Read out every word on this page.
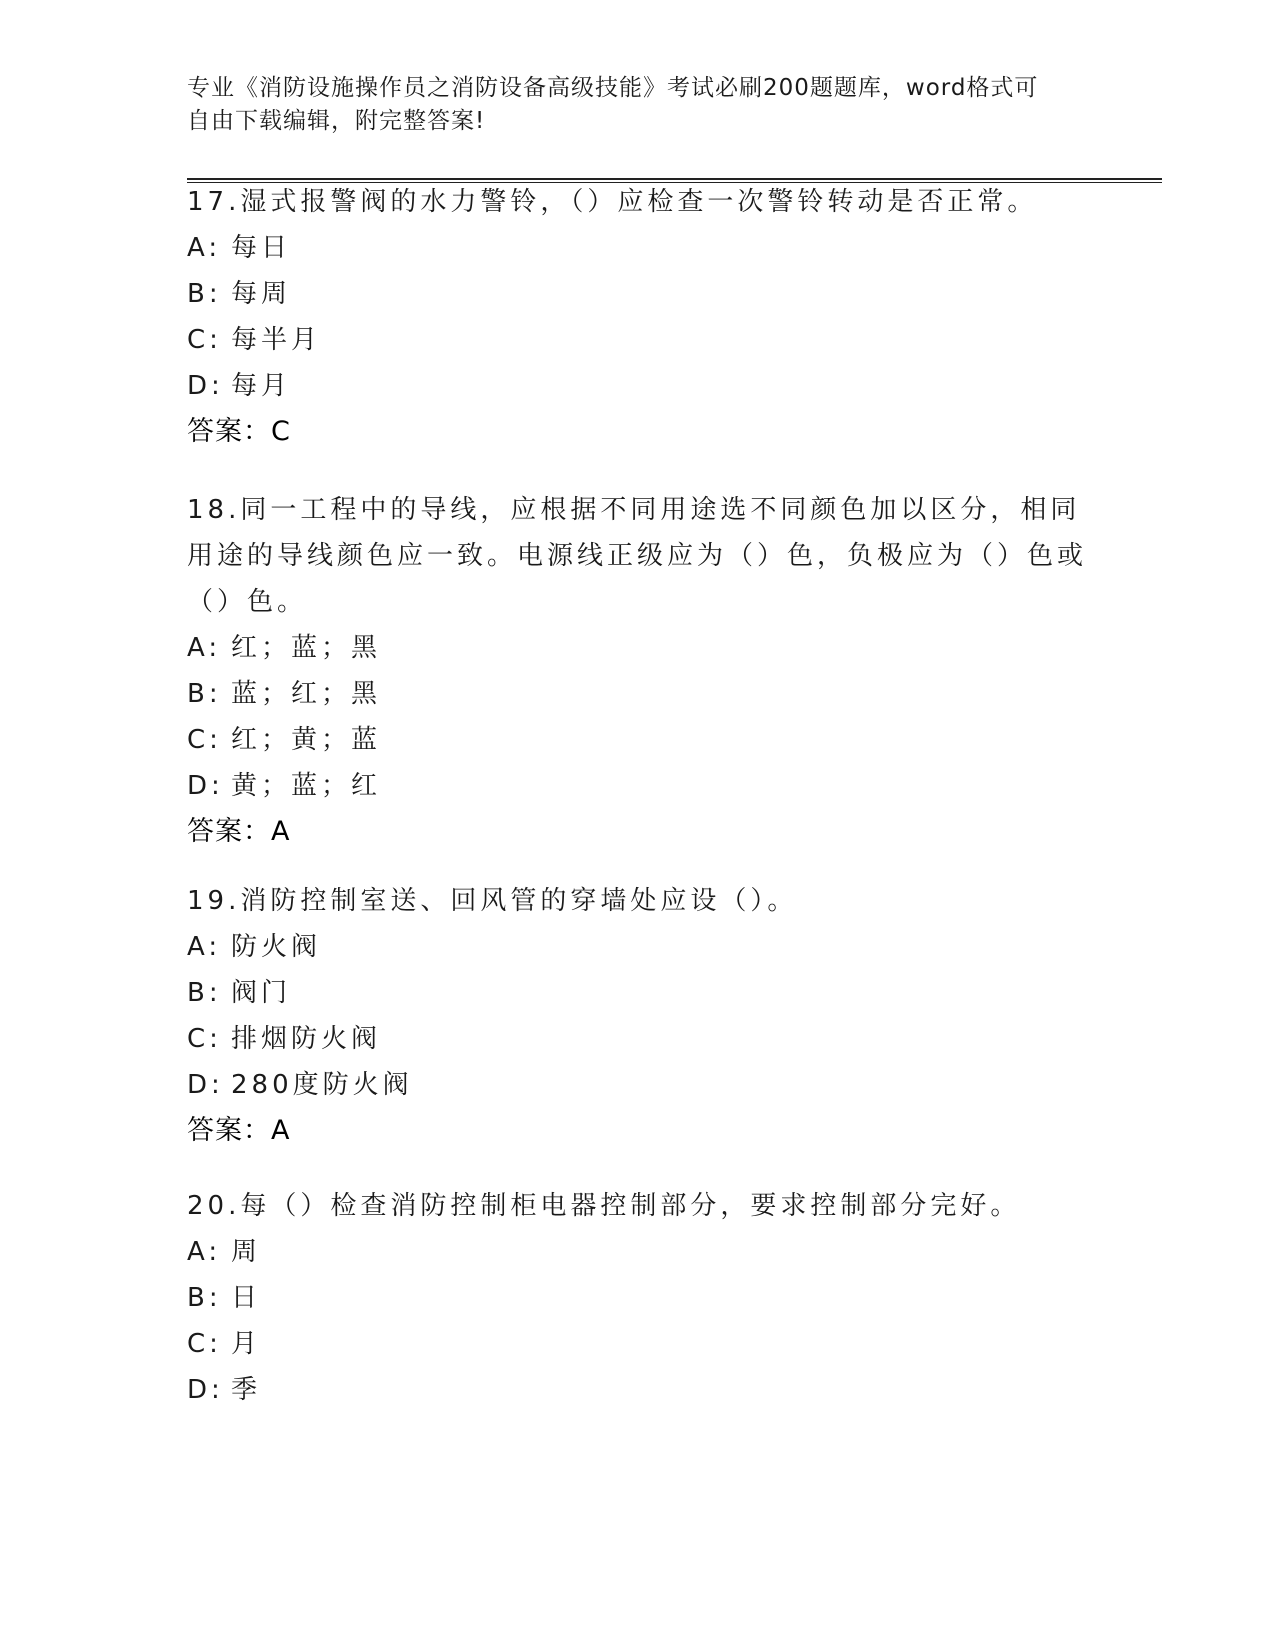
专业《消防设施操作员之消防设备高级技能》考试必刷200题题库，word格式可
自由下载编辑，附完整答案!

17.湿式报警阀的水力警铃，（）应检查一次警铃转动是否正常。

A: 每日
B: 每周
C: 每半月
D: 每月
答案：C

18.同一工程中的导线，应根据不同用途选不同颜色加以区分，相同用途的导线颜色应一致。电源线正级应为（）色，负极应为（）色或（）色。

A: 红；蓝；黑
B: 蓝；红；黑
C: 红；黄；蓝
D: 黄；蓝；红
答案：A

19.消防控制室送、回风管的穿墙处应设（）。

A: 防火阀
B: 阀门
C: 排烟防火阀
D: 280度防火阀
答案：A

20.每（）检查消防控制柜电器控制部分，要求控制部分完好。

A: 周
B: 日
C: 月
D: 季
